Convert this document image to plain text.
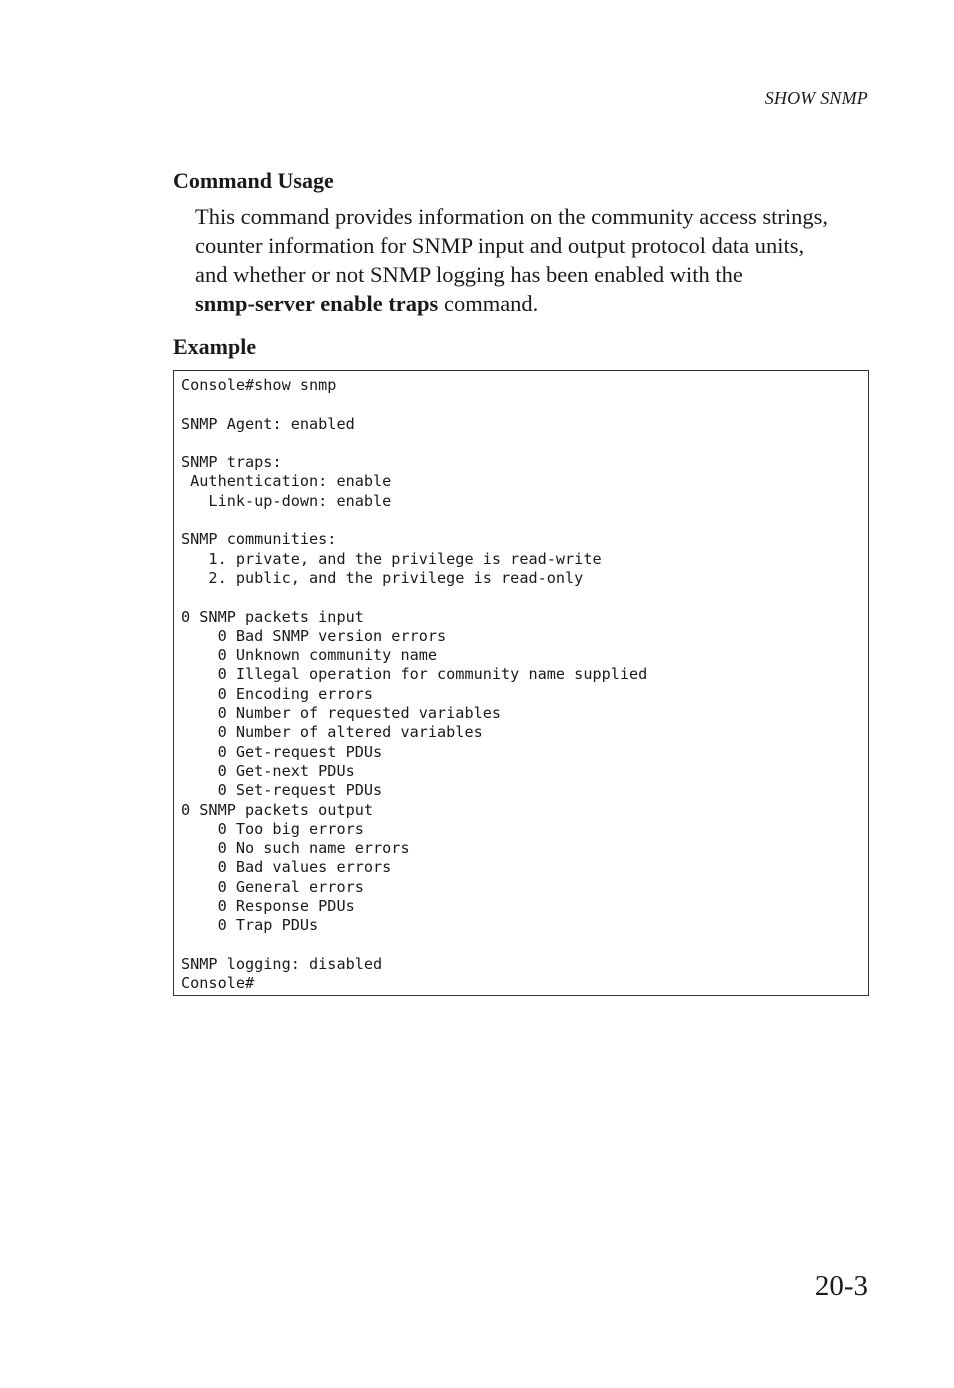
SHOW SNMP
Command Usage
This command provides information on the community access strings,
counter information for SNMP input and output protocol data units,
and whether or not SNMP logging has been enabled with the
snmp-server enable traps command.
Example
Console#show snmp
SNMP Agent: enabled
SNMP traps:
Authentication: enable
Link-up-down: enable
SNMP communities:
1. private, and the privilege is read-write
2. public, and the privilege is read-only
0 SNMP packets input
0 Bad SNMP version errors
0 Unknown community name
0 Illegal operation for community name supplied
0 Encoding errors
0 Number of requested variables
0 Number of altered variables
0 Get-request PDUs
0 Get-next PDUs
0 Set-request PDUs
0 SNMP packets output
0 Too big errors
0 No such name errors
0 Bad values errors
0 General errors
0 Response PDUs
0 Trap PDUs
SNMP logging: disabled
Console#
20-3
